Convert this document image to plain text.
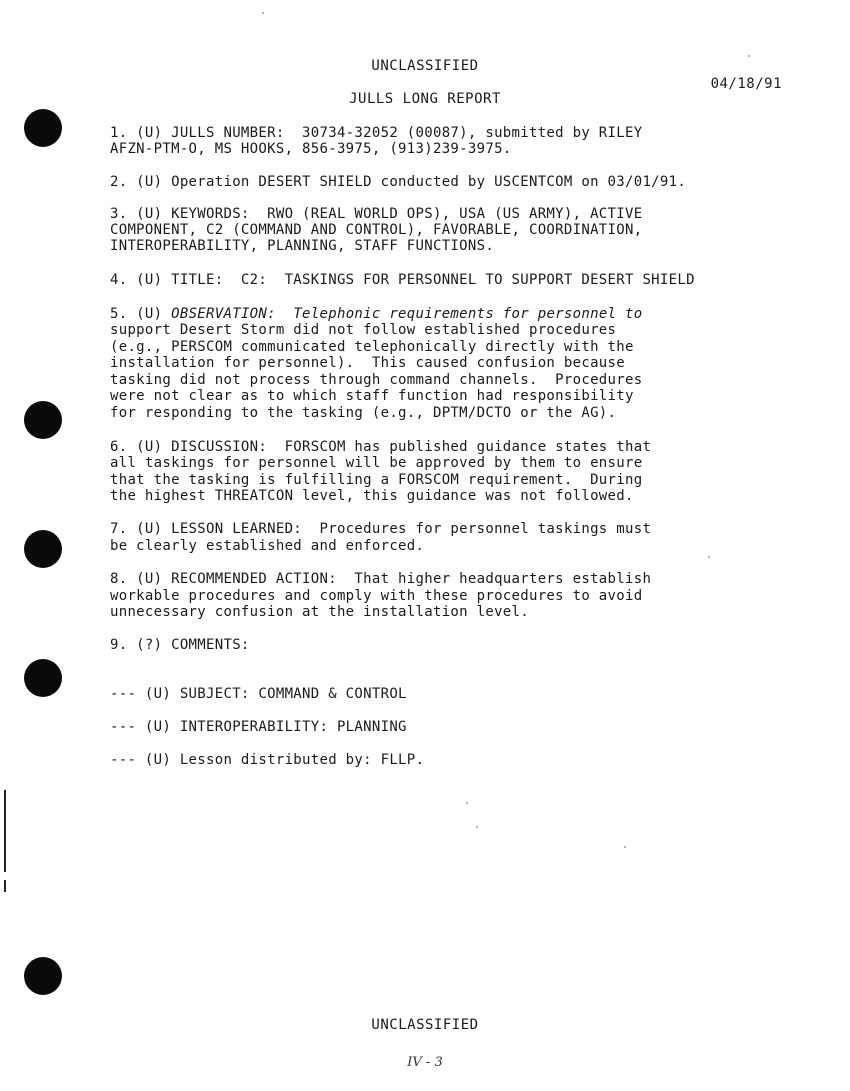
UNCLASSIFIED
04/18/91
JULLS LONG REPORT
1. (U) JULLS NUMBER:  30734-32052 (00087), submitted by RILEY
AFZN-PTM-O, MS HOOKS, 856-3975, (913)239-3975.
2. (U) Operation DESERT SHIELD conducted by USCENTCOM on 03/01/91.
3. (U) KEYWORDS:  RWO (REAL WORLD OPS), USA (US ARMY), ACTIVE
COMPONENT, C2 (COMMAND AND CONTROL), FAVORABLE, COORDINATION,
INTEROPERABILITY, PLANNING, STAFF FUNCTIONS.
4. (U) TITLE:  C2:  TASKINGS FOR PERSONNEL TO SUPPORT DESERT SHIELD
5. (U) OBSERVATION:  Telephonic requirements for personnel to
support Desert Storm did not follow established procedures
(e.g., PERSCOM communicated telephonically directly with the
installation for personnel).  This caused confusion because
tasking did not process through command channels.  Procedures
were not clear as to which staff function had responsibility
for responding to the tasking (e.g., DPTM/DCTO or the AG).
6. (U) DISCUSSION:  FORSCOM has published guidance states that
all taskings for personnel will be approved by them to ensure
that the tasking is fulfilling a FORSCOM requirement.  During
the highest THREATCON level, this guidance was not followed.
7. (U) LESSON LEARNED:  Procedures for personnel taskings must
be clearly established and enforced.
8. (U) RECOMMENDED ACTION:  That higher headquarters establish
workable procedures and comply with these procedures to avoid
unnecessary confusion at the installation level.
9. (?) COMMENTS:
--- (U) SUBJECT: COMMAND & CONTROL
--- (U) INTEROPERABILITY: PLANNING
--- (U) Lesson distributed by: FLLP.
UNCLASSIFIED
IV - 3
